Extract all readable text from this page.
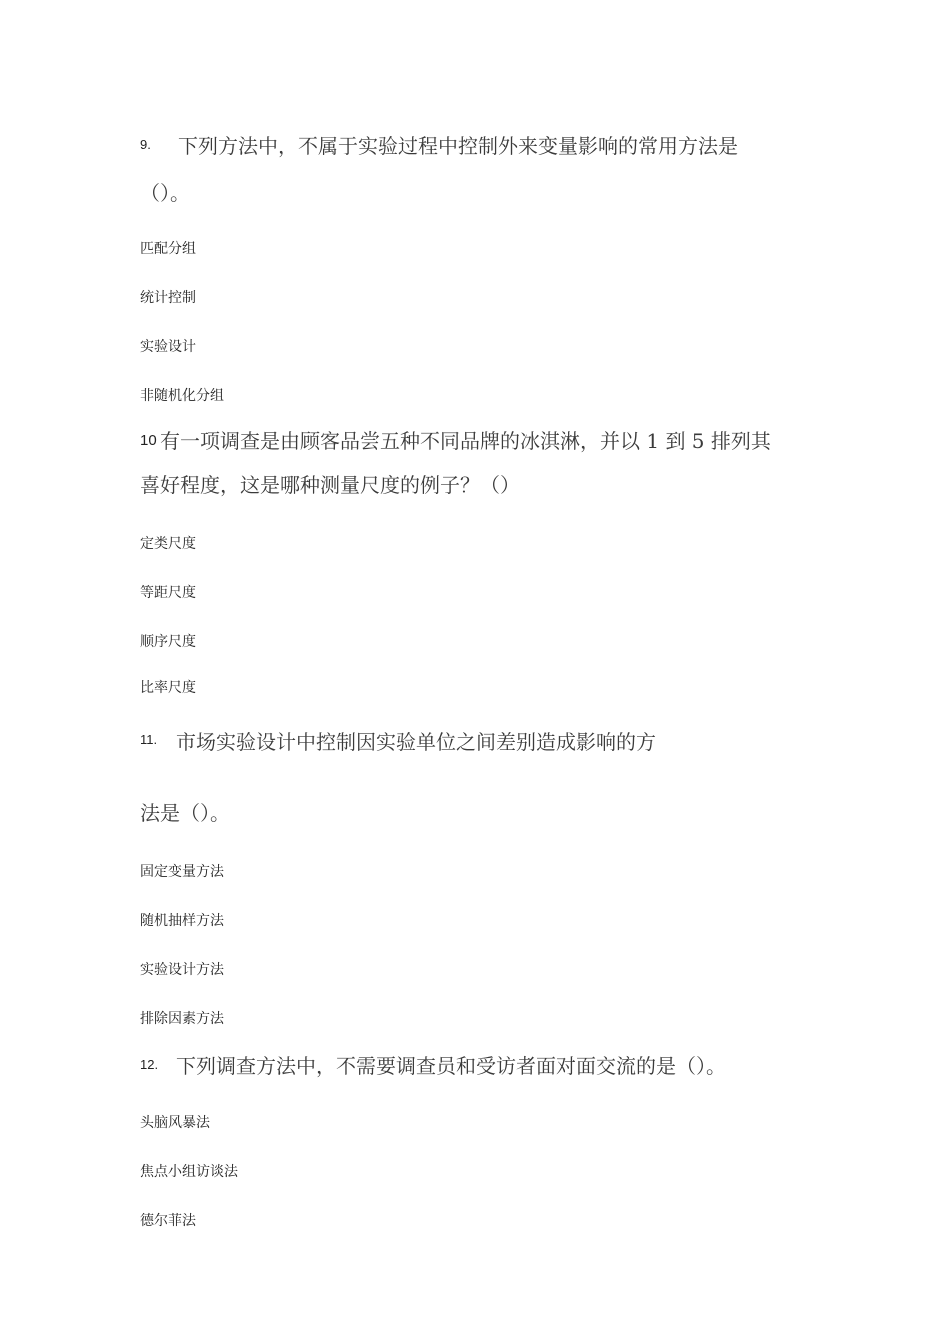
9. 下列方法中，不属于实验过程中控制外来变量影响的常用方法是
（）。
匹配分组
统计控制
实验设计
非随机化分组
10 有一项调查是由顾客品尝五种不同品牌的冰淇淋，并以 1 到 5 排列其
喜好程度，这是哪种测量尺度的例子？（）
定类尺度
等距尺度
顺序尺度
比率尺度
11. 市场实验设计中控制因实验单位之间差别造成影响的方
法是（）。
固定变量方法
随机抽样方法
实验设计方法
排除因素方法
12. 下列调查方法中，不需要调查员和受访者面对面交流的是（）。
头脑风暴法
焦点小组访谈法
德尔菲法
